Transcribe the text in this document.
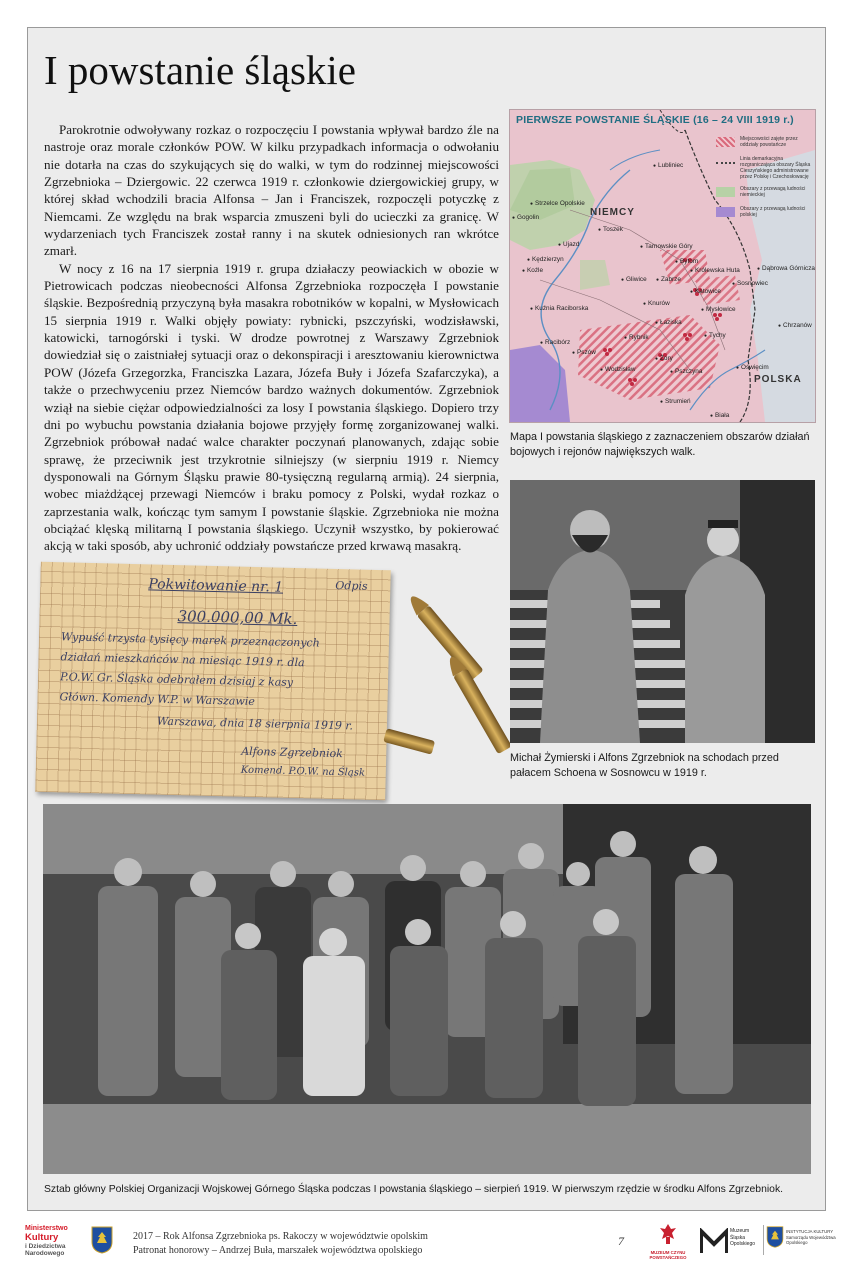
I powstanie śląskie

Parokrotnie odwoływany rozkaz o rozpoczęciu I powstania wpływał bardzo źle na nastroje oraz morale członków POW. W kilku przypadkach informacja o odwołaniu nie dotarła na czas do szykujących się do walki, w tym do rodzinnej miejscowości Zgrzebnioka – Dziergowic. 22 czerwca 1919 r. członkowie dziergowickiej grupy, w której skład wchodzili bracia Alfonsa – Jan i Franciszek, rozpoczęli potyczkę z Niemcami. Ze względu na brak wsparcia zmuszeni byli do ucieczki za granicę. W wydarzeniach tych Franciszek został ranny i na skutek odniesionych ran wkrótce zmarł.

W nocy z 16 na 17 sierpnia 1919 r. grupa działaczy peowiackich w obozie w Pietrowicach podczas nieobecności Alfonsa Zgrzebnioka rozpoczęła I powstanie śląskie. Bezpośrednią przyczyną była masakra robotników w kopalni, w Mysłowicach 15 sierpnia 1919 r. Walki objęły powiaty: rybnicki, pszczyński, wodzisławski, katowicki, tarnogórski i tyski. W drodze powrotnej z Warszawy Zgrzebniok dowiedział się o zaistniałej sytuacji oraz o dekonspiracji i aresztowaniu kierownictwa POW (Józefa Grzegorzka, Franciszka Lazara, Józefa Buły i Józefa Szafarczyka), a także o przechwyceniu przez Niemców bardzo ważnych dokumentów. Zgrzebniok wziął na siebie ciężar odpowiedzialności za losy I powstania śląskiego. Dopiero trzy dni po wybuchu powstania działania bojowe przyjęły formę zorganizowanej walki. Zgrzebniok próbował nadać walce charakter poczynań planowanych, zdając sobie sprawę, że przeciwnik jest trzykrotnie silniejszy (w sierpniu 1919 r. Niemcy dysponowali na Górnym Śląsku prawie 80-tysięczną regularną armią). 24 sierpnia, wobec miażdżącej przewagi Niemców i braku pomocy z Polski, wydał rozkaz o zaprzestania walk, kończąc tym samym I powstanie śląskie. Zgrzebnioka nie można obciążać klęską militarną I powstania śląskiego. Uczynił wszystko, by pokierować akcją w taki sposób, aby uchronić oddziały powstańcze przed krwawą masakrą.

PIERWSZE POWSTANIE ŚLĄSKIE (16 – 24 VIII 1919 r.)
NIEMCY
POLSKA
Miejscowości zajęte przez oddziały powstańcze
Linia demarkacyjna rozgraniczająca obszary Śląska Cieszyńskiego administrowane przez Polskę i Czechosłowację
Obszary z przewagą ludności niemieckiej
Obszary z przewagą ludności polskiej
● Lubliniec
● Strzelce Opolskie
● Toszek
● Gogolin
● Tarnowskie Góry
● Ujazd
● Kędzierzyn
● Koźle
● Bytom
● Gliwice	● Zabrze
● Królewska Huta	● Dąbrowa Górnicza
● Sosnowiec
● Katowice
● Knurów
● Mysłowice
● Łaziska
● Tychy
● Chrzanów
● Kuźnia Raciborska
● Rybnik
● Racibórz
● Żory
● Pszów
● Wodzisław	● Pszczyna
● Oświęcim
● Strumień
● Biała
Mapa I powstania śląskiego z zaznaczeniem obszarów działań bojowych i rejonów największych walk.
Odpis
Pokwitowanie nr. 1
300.000,00 Mk.
Wypuść trzysta tysięcy marek przeznaczonych
działań mieszkańców na miesiąc 1919 r. dla
P.O.W. Gr. Śląska odebrałem dzisiaj z kasy
Główn. Komendy W.P. w Warszawie
Warszawa, dnia 18 sierpnia 1919 r.
Alfons Zgrzebniok
Komend. P.O.W. na Śląsk
Michał Żymierski i Alfons Zgrzebniok na schodach przed pałacem Schoena w Sosnowcu w 1919 r.
Sztab główny Polskiej Organizacji Wojskowej Górnego Śląska podczas I powstania śląskiego – sierpień 1919. W pierwszym rzędzie w środku Alfons Zgrzebniok.
Ministerstwo
Kultury
i Dziedzictwa
Narodowego
2017 – Rok Alfonsa Zgrzebnioka ps. Rakoczy w województwie opolskim
Patronat honorowy – Andrzej Buła, marszałek województwa opolskiego
7
MUZEUM CZYNU POWSTAŃCZEGO
Muzeum
Śląska
Opolskiego
INSTYTUCJA KULTURY
Samorządu Województwa
Opolskiego
